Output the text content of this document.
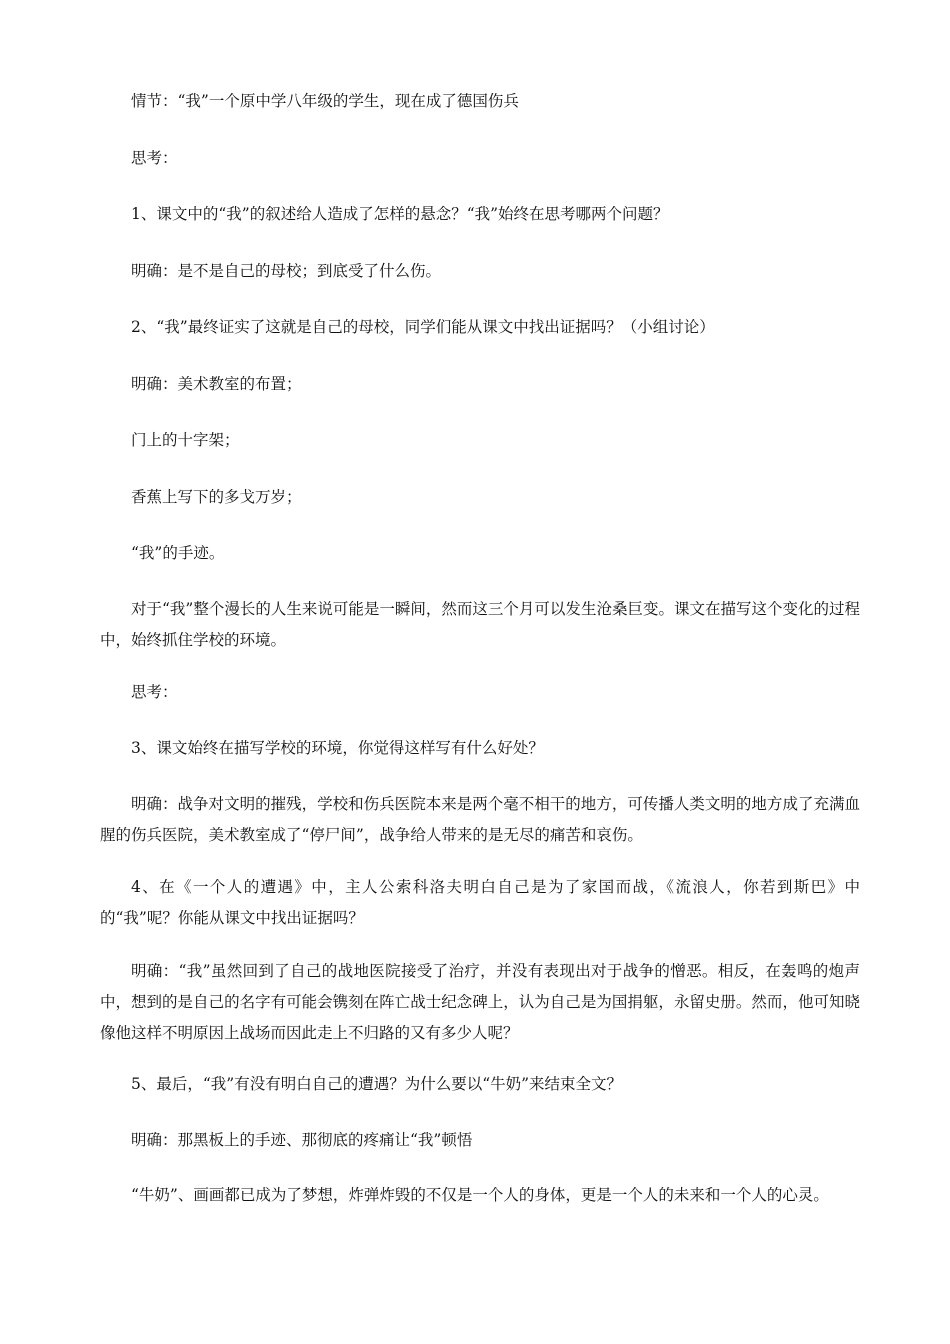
情节：“我”一个原中学八年级的学生，现在成了德国伤兵

思考：

1、课文中的“我”的叙述给人造成了怎样的悬念？“我”始终在思考哪两个问题？

明确：是不是自己的母校；到底受了什么伤。

2、“我”最终证实了这就是自己的母校，同学们能从课文中找出证据吗？（小组讨论）

明确：美术教室的布置；

门上的十字架；

香蕉上写下的多戈万岁；

“我”的手迹。

对于“我”整个漫长的人生来说可能是一瞬间，然而这三个月可以发生沧桑巨变。课文在描写这个变化的过程中，始终抓住学校的环境。

思考：

3、课文始终在描写学校的环境，你觉得这样写有什么好处？

明确：战争对文明的摧残，学校和伤兵医院本来是两个毫不相干的地方，可传播人类文明的地方成了充满血腥的伤兵医院，美术教室成了“停尸间”，战争给人带来的是无尽的痛苦和哀伤。

4、在《一个人的遭遇》中，主人公索科洛夫明白自己是为了家国而战，《流浪人，你若到斯巴》中的“我”呢？你能从课文中找出证据吗？

明确：“我”虽然回到了自己的战地医院接受了治疗，并没有表现出对于战争的憎恶。相反，在轰鸣的炮声中，想到的是自己的名字有可能会镌刻在阵亡战士纪念碑上，认为自己是为国捐躯，永留史册。然而，他可知晓像他这样不明原因上战场而因此走上不归路的又有多少人呢？

5、最后，“我”有没有明白自己的遭遇？为什么要以“牛奶”来结束全文？

明确：那黑板上的手迹、那彻底的疼痛让“我”顿悟

“牛奶”、画画都已成为了梦想，炸弹炸毁的不仅是一个人的身体，更是一个人的未来和一个人的心灵。
